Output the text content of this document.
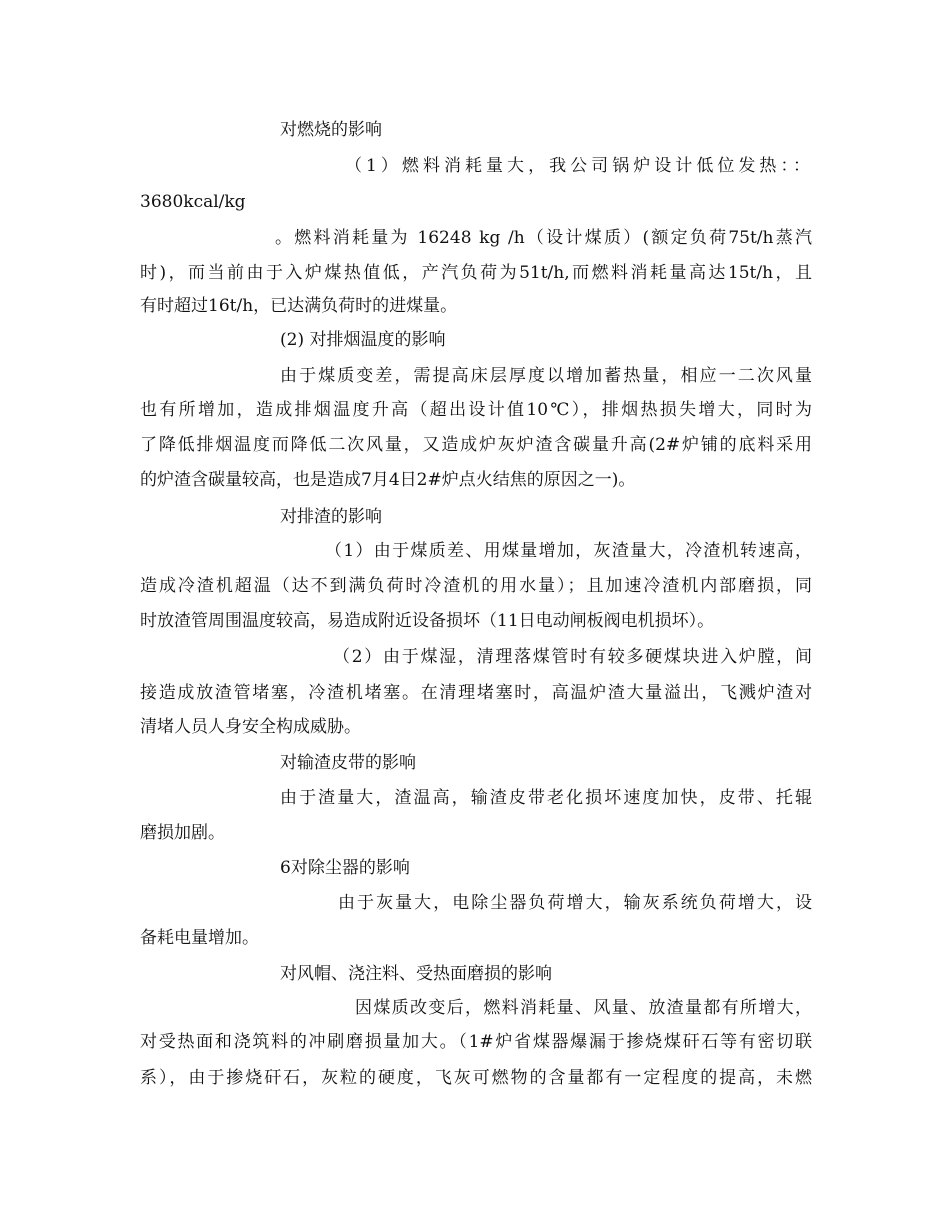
对燃烧的影响
（1）燃料消耗量大，我公司锅炉设计低位发热：：
3680kcal/kg
。燃料消耗量为 16248 kg /h（设计煤质）(额定负荷75t/h蒸汽
时)，而当前由于入炉煤热值低，产汽负荷为51t/h,而燃料消耗量高达15t/h，且
有时超过16t/h，已达满负荷时的进煤量。
(2) 对排烟温度的影响
由于煤质变差，需提高床层厚度以增加蓄热量，相应一二次风量
也有所增加，造成排烟温度升高（超出设计值10℃），排烟热损失增大，同时为
了降低排烟温度而降低二次风量，又造成炉灰炉渣含碳量升高(2#炉铺的底料采用
的炉渣含碳量较高，也是造成7月4日2#炉点火结焦的原因之一)。
对排渣的影响
（1）由于煤质差、用煤量增加，灰渣量大，冷渣机转速高，
造成冷渣机超温（达不到满负荷时冷渣机的用水量）；且加速冷渣机内部磨损，同
时放渣管周围温度较高，易造成附近设备损坏（11日电动闸板阀电机损坏）。
（2）由于煤湿，清理落煤管时有较多硬煤块进入炉膛，间
接造成放渣管堵塞，冷渣机堵塞。在清理堵塞时，高温炉渣大量溢出，飞溅炉渣对
清堵人员人身安全构成威胁。
对输渣皮带的影响
由于渣量大，渣温高，输渣皮带老化损坏速度加快，皮带、托辊
磨损加剧。
6对除尘器的影响
由于灰量大，电除尘器负荷增大，输灰系统负荷增大，设
备耗电量增加。
对风帽、浇注料、受热面磨损的影响
因煤质改变后，燃料消耗量、风量、放渣量都有所增大，
对受热面和浇筑料的冲刷磨损量加大。（1#炉省煤器爆漏于掺烧煤矸石等有密切联
系），由于掺烧矸石，灰粒的硬度，飞灰可燃物的含量都有一定程度的提高，未燃
